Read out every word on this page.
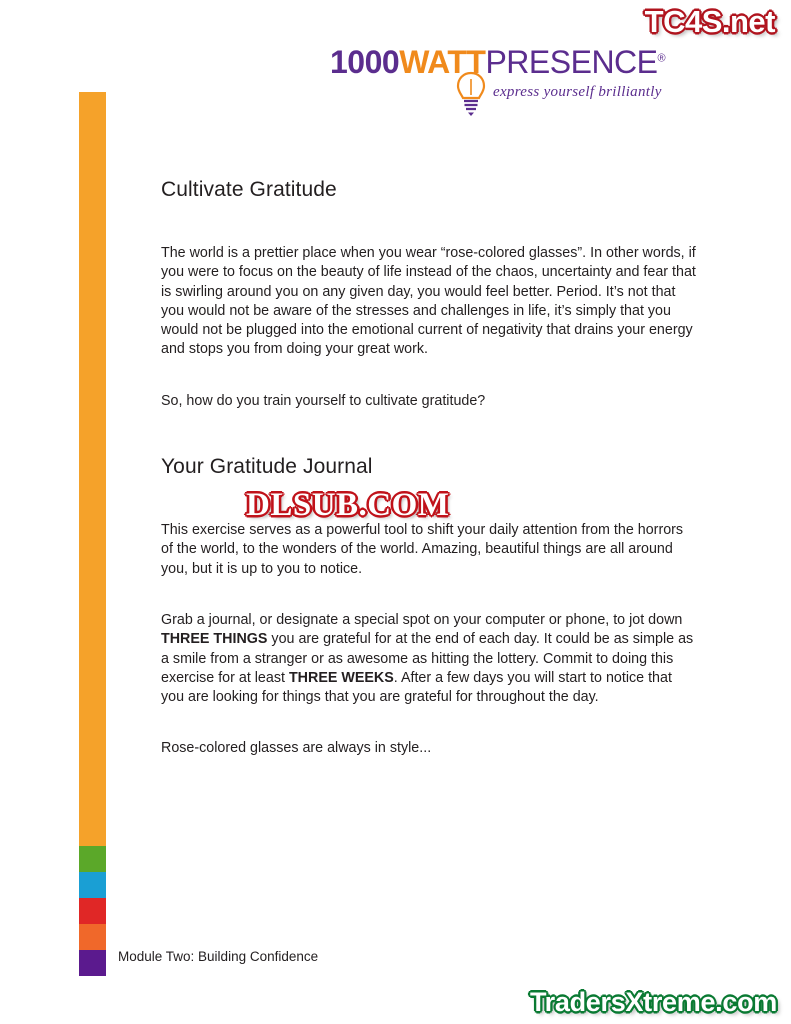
TC4S.net
1000WATTPRESENCE®
express yourself brilliantly
Cultivate Gratitude

The world is a prettier place when you wear “rose-colored glasses”. In other words, if you were to focus on the beauty of life instead of the chaos, uncertainty and fear that is swirling around you on any given day, you would feel better. Period. It’s not that you would not be aware of the stresses and challenges in life, it’s simply that you would not be plugged into the emotional current of negativity that drains your energy and stops you from doing your great work.

So, how do you train yourself to cultivate gratitude?

Your Gratitude Journal

This exercise serves as a powerful tool to shift your daily attention from the horrors of the world, to the wonders of the world. Amazing, beautiful things are all around you, but it is up to you to notice.

Grab a journal, or designate a special spot on your computer or phone, to jot down THREE THINGS you are grateful for at the end of each day. It could be as simple as a smile from a stranger or as awesome as hitting the lottery. Commit to doing this exercise for at least THREE WEEKS. After a few days you will start to notice that you are looking for things that you are grateful for throughout the day.

Rose-colored glasses are always in style...

DLSUB.COM
Module Two: Building Confidence
TradersXtreme.com
